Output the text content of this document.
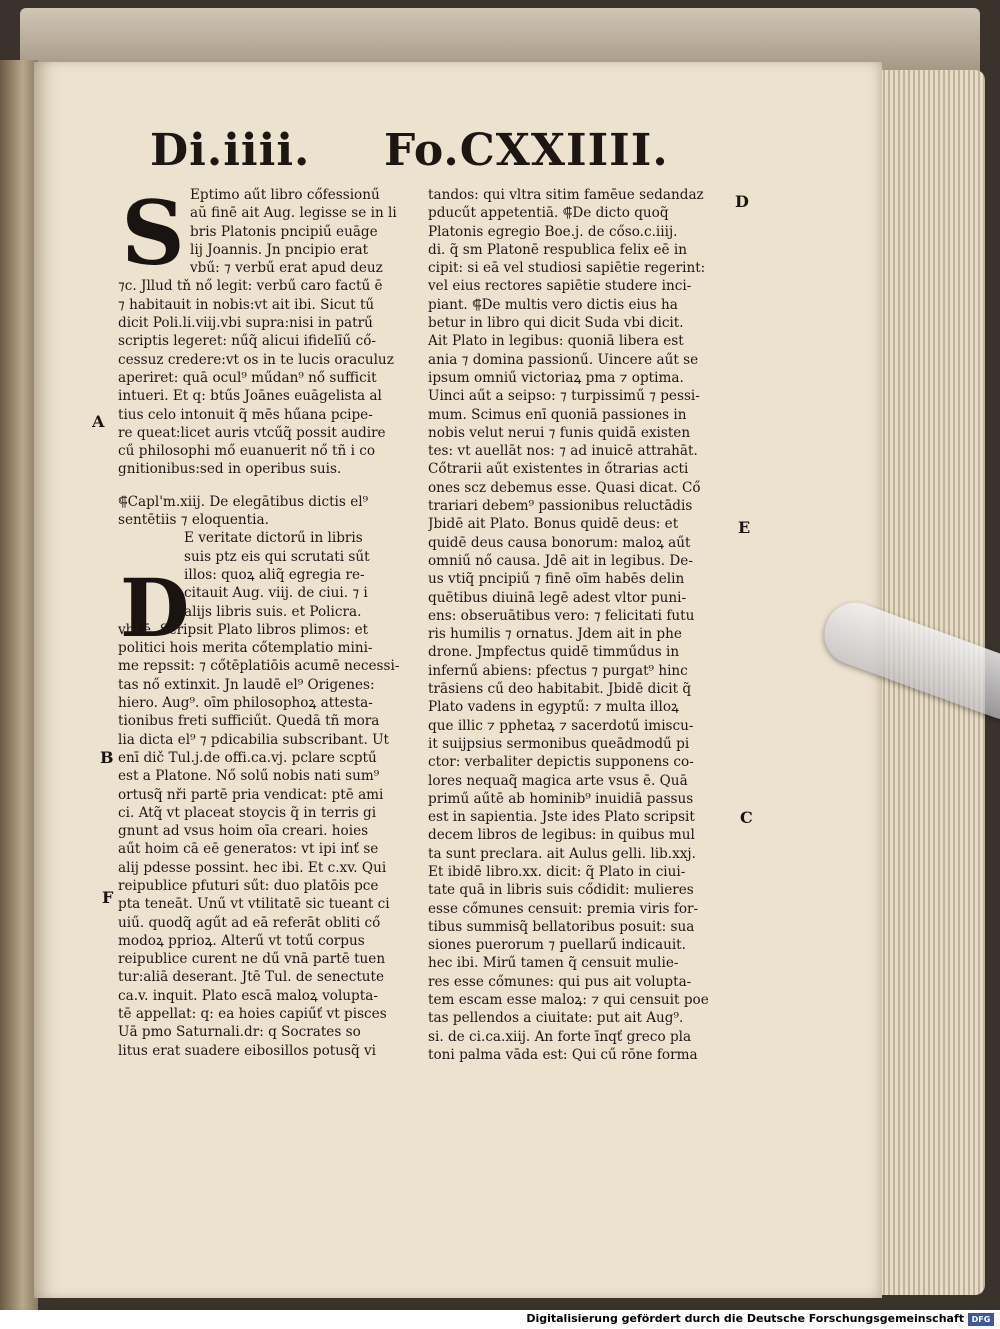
Di.iiii. Fo.CXXIIII.
S
D
Eptimo aűt libro cőfessionű
aŭ finē ait Aug. legisse se in li
bris Platonis pncipiű euāge
lij Joannis. Jn pncipio erat
vbű: ⁊ verbű erat apud deuz
⁊c. Jllud tň nő legit: verbű caro factű ē
⁊ habitauit in nobis:vt ait ibi. Sicut tű
dicit Poli.li.viij.vbi supra:nisi in patrű
scriptis legeret: nűq̃ alicui ifidelīű cő-
cessuz credere:vt os in te lucis oraculuz
aperiret: quā ocul⁹ műdan⁹ nő sufficit
intueri. Et q: btűs Joānes euāgelista al
tius celo intonuit q̃ mēs hűana pcipe-
re queat:licet auris vtcűq̃ possit audire
cű philosophi mő euanuerit nő tñ i co
gnitionibus:sed in operibus suis.
⸿Capl'm.xiij. De elegātibus dictis el⁹
sentētiis ⁊ eloquentia.
E veritate dictorű in libris
suis ptz eis qui scrutati sűt
illos: quoꝝ aliq̃ egregia re-
citauit Aug. viij. de ciui. ⁊ i
alijs libris suis. et Policra.
vbi ē. Scripsit Plato libros plimos: et
politici hois merita cőtemplatio mini-
me repssit: ⁊ cőtēplatiōis acumē necessi-
tas nő extinxit. Jn laudē el⁹ Origenes:
hiero. Aug⁹. oīm philosophoꝝ attesta-
tionibus freti sufficiűt. Quedā tñ mora
lia dicta el⁹ ⁊ pdicabilia subscribant. Ut
enī dič Tul.j.de offi.ca.vj. pclare scptű
est a Platone. Nő solű nobis nati sum⁹
ortusq̃ nři partē pria vendicat: ptē ami
ci. Atq̃ vt placeat stoycis q̃ in terris gi
gnunt ad vsus hoim oīa creari. hoies
aűt hoim cā eē generatos: vt ipi inť se
alij pdesse possint. hec ibi. Et c.xv. Qui
reipublice pfuturi sűt: duo platōis pce
pta teneāt. Unű vt vtilitatē sic tueant ci
uiű. quodq̃ agűt ad eā referāt obliti cő
modoꝝ pprioꝝ. Alterű vt totű corpus
reipublice curent ne dű vnā partē tuen
tur:aliā deserant. Jtē Tul. de senectute
ca.v. inquit. Plato escā maloꝝ volupta-
tē appellat: q: ea hoies capiűť vt pisces
Uā pmo Saturnali.dr: q Socrates so
litus erat suadere eibosillos potusq̃ vi
tandos: qui vltra sitim famēue sedandaz
pducűt appetentiā. ⸿De dicto quoq̃
Platonis egregio Boe.j. de cőso.c.iiij.
di. q̃ sm Platonē respublica felix eē in
cipit: si eā vel studiosi sapiētie regerint:
vel eius rectores sapiētie studere inci-
piant. ⸿De multis vero dictis eius ha
betur in libro qui dicit Suda vbi dicit.
Ait Plato in legibus: quoniā libera est
ania ⁊ domina passionű. Uincere aűt se
ipsum omniű victoriaꝝ pma ⁊ optima.
Uinci aűt a seipso: ⁊ turpissimű ⁊ pessi-
mum. Scimus enī quoniā passiones in
nobis velut nerui ⁊ funis quidā existen
tes: vt auellāt nos: ⁊ ad inuicē attrahāt.
Cőtrarii aűt existentes in őtrarias acti
ones scz debemus esse. Quasi dicat. Cő
trariari debem⁹ passionibus reluctādis
Jbidē ait Plato. Bonus quidē deus: et
quidē deus causa bonorum: maloꝝ aűt
omniű nő causa. Jdē ait in legibus. De-
us vtiq̃ pncipiű ⁊ finē oīm habēs delin
quētibus diuinā legē adest vltor puni-
ens: obseruātibus vero: ⁊ felicitati futu
ris humilis ⁊ ornatus. Jdem ait in phe
drone. Jmpfectus quidē timműdus in
infernű abiens: pfectus ⁊ purgat⁹ hinc
trāsiens cű deo habitabit. Jbidē dicit q̃
Plato vadens in egyptű: ⁊ multa illoꝝ
que illic ⁊ pphetaꝝ ⁊ sacerdotű imiscu-
it suijpsius sermonibus queādmodű pi
ctor: verbaliter depictis supponens co-
lores nequaq̃ magica arte vsus ē. Quā
primű aűtē ab hominib⁹ inuidiā passus
est in sapientia. Jste ides Plato scripsit
decem libros de legibus: in quibus mul
ta sunt preclara. ait Aulus gelli. lib.xxj.
Et ibidē libro.xx. dicit: q̃ Plato in ciui-
tate quā in libris suis cődidit: mulieres
esse cőmunes censuit: premia viris for-
tibus summisq̃ bellatoribus posuit: sua
siones puerorum ⁊ puellarű indicauit.
hec ibi. Mirű tamen q̃ censuit mulie-
res esse cőmunes: qui pus ait volupta-
tem escam esse maloꝝ: ⁊ qui censuit poe
tas pellendos a ciuitate: put ait Aug⁹.
si. de ci.ca.xiij. An forte īnqť greco pla
toni palma vāda est: Qui cű rōne forma
D
A
E
B
C
F
Digitalisierung gefördert durch die Deutsche Forschungsgemeinschaft DFG
